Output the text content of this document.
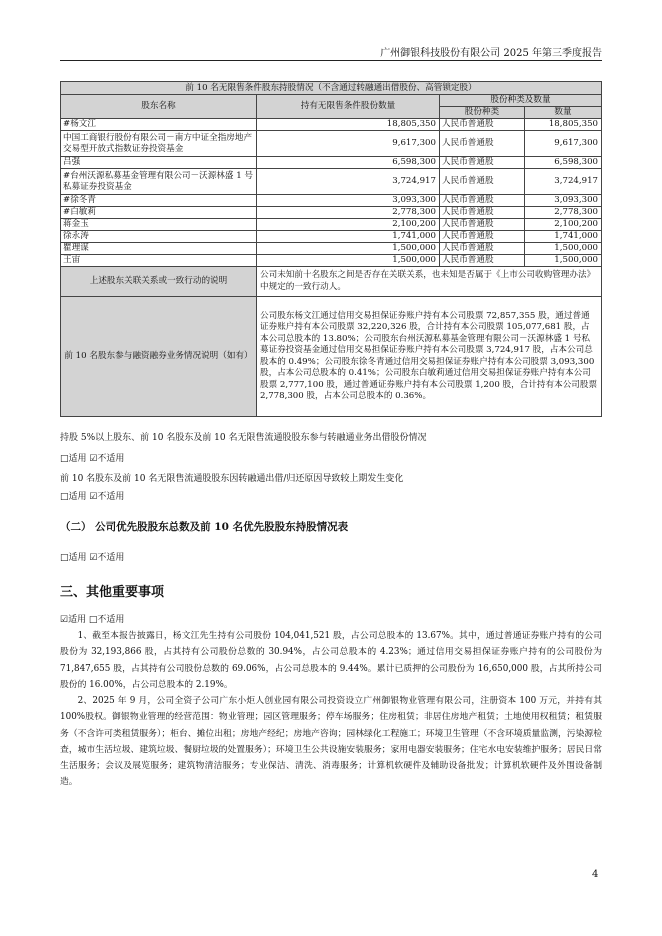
广州御银科技股份有限公司 2025 年第三季度报告
前 10 名无限售条件股东持股情况（不含通过转融通出借股份、高管锁定股）			
股东名称	持有无限售条件股份数量	股份种类及数量	
		股份种类	数量
#杨文江	18,805,350	人民币普通股	18,805,350
中国工商银行股份有限公司－南方中证全指房地产交易型开放式指数证券投资基金	9,617,300	人民币普通股	9,617,300
吕强	6,598,300	人民币普通股	6,598,300
#台州沃源私募基金管理有限公司－沃源林盛 1 号私募证券投资基金	3,724,917	人民币普通股	3,724,917
#徐冬青	3,093,300	人民币普通股	3,093,300
#白敏莉	2,778,300	人民币普通股	2,778,300
蒋金玉	2,100,200	人民币普通股	2,100,200
徐永涛	1,741,000	人民币普通股	1,741,000
瞿理谋	1,500,000	人民币普通股	1,500,000
王宙	1,500,000	人民币普通股	1,500,000
上述股东关联关系或一致行动的说明	公司未知前十名股东之间是否存在关联关系，也未知是否属于《上市公司收购管理办法》中规定的一致行动人。		
前 10 名股东参与融资融券业务情况说明（如有）	公司股东杨文江通过信用交易担保证券账户持有本公司股票 72,857,355 股，通过普通证券账户持有本公司股票 32,220,326 股，合计持有本公司股票 105,077,681 股，占本公司总股本的 13.80%；公司股东台州沃源私募基金管理有限公司－沃源林盛 1 号私募证券投资基金通过信用交易担保证券账户持有本公司股票 3,724,917 股，占本公司总股本的 0.49%；公司股东徐冬青通过信用交易担保证券账户持有本公司股票 3,093,300 股，占本公司总股本的 0.41%；公司股东白敏莉通过信用交易担保证券账户持有本公司股票 2,777,100 股，通过普通证券账户持有本公司股票 1,200 股，合计持有本公司股票 2,778,300 股，占本公司总股本的 0.36%。		
持股 5%以上股东、前 10 名股东及前 10 名无限售流通股股东参与转融通业务出借股份情况
□适用 ☑不适用
前 10 名股东及前 10 名无限售流通股股东因转融通出借/归还原因导致较上期发生变化
□适用 ☑不适用
（二） 公司优先股股东总数及前 10 名优先股股东持股情况表
□适用 ☑不适用
三、其他重要事项
☑适用 □不适用
1、截至本报告披露日，杨文江先生持有公司股份 104,041,521 股，占公司总股本的 13.67%。其中，通过普通证券账户持有的公司股份为 32,193,866 股，占其持有公司股份总数的 30.94%，占公司总股本的 4.23%；通过信用交易担保证券账户持有的公司股份为 71,847,655 股，占其持有公司股份总数的 69.06%，占公司总股本的 9.44%。累计已质押的公司股份为 16,650,000 股，占其所持公司股份的 16.00%，占公司总股本的 2.19%。
2、2025 年 9 月，公司全资子公司广东小炬人创业园有限公司投资设立广州御银物业管理有限公司，注册资本 100 万元，并持有其 100%股权。御银物业管理的经营范围：物业管理；园区管理服务；停车场服务；住房租赁；非居住房地产租赁；土地使用权租赁；租赁服务（不含许可类租赁服务）；柜台、摊位出租；房地产经纪；房地产咨询；园林绿化工程施工；环境卫生管理（不含环境质量监测，污染源检查，城市生活垃圾、建筑垃圾、餐厨垃圾的处置服务）；环境卫生公共设施安装服务；家用电器安装服务；住宅水电安装维护服务；居民日常生活服务；会议及展览服务；建筑物清洁服务；专业保洁、清洗、消毒服务；计算机软硬件及辅助设备批发；计算机软硬件及外围设备制造。
4
